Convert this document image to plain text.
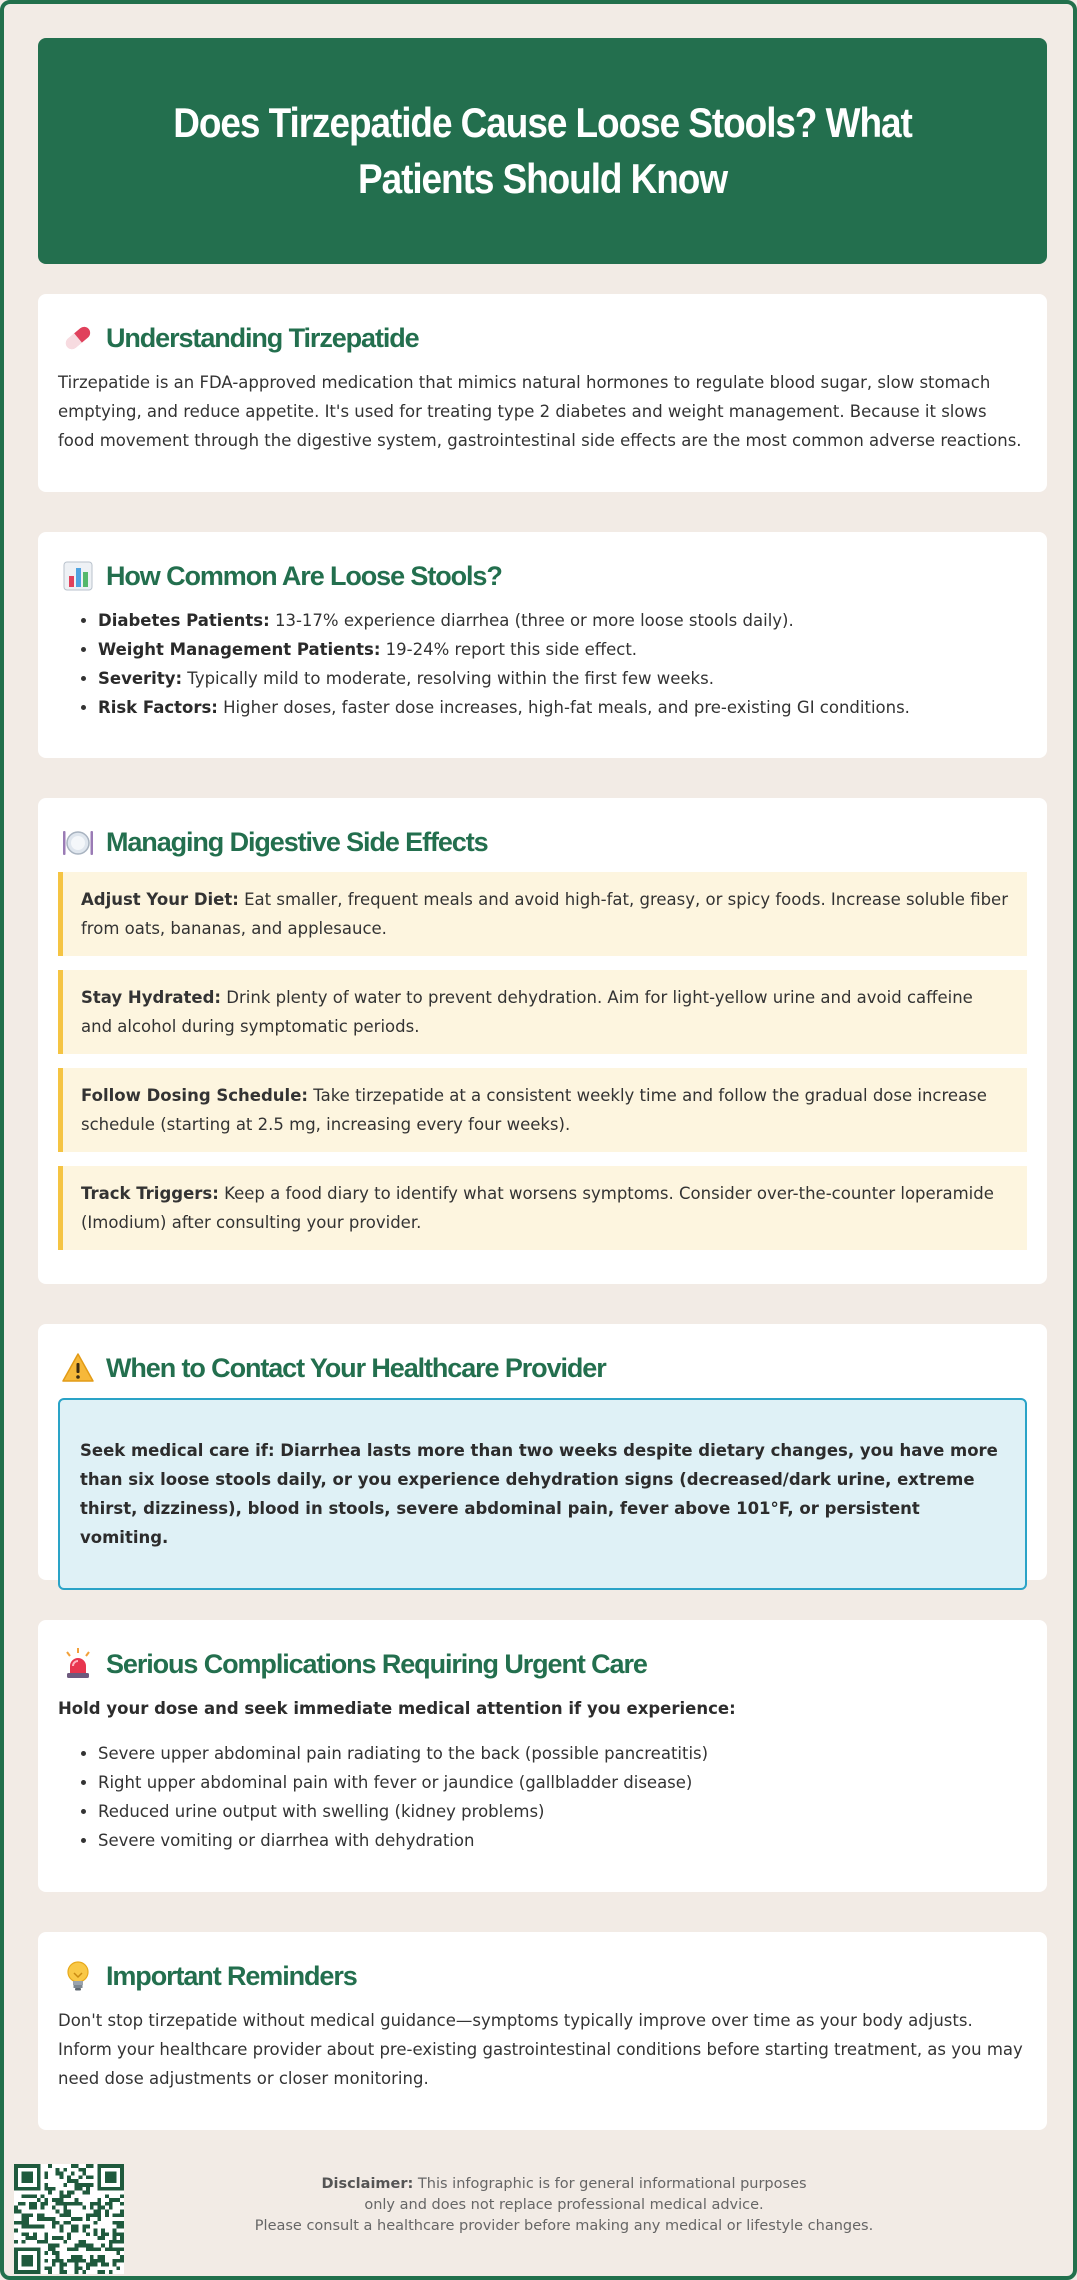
Does Tirzepatide Cause Loose Stools? What Patients Should Know
Understanding Tirzepatide

Tirzepatide is an FDA-approved medication that mimics natural hormones to regulate blood sugar, slow stomach emptying, and reduce appetite. It's used for treating type 2 diabetes and weight management. Because it slows food movement through the digestive system, gastrointestinal side effects are the most common adverse reactions.

How Common Are Loose Stools?
• Diabetes Patients: 13-17% experience diarrhea (three or more loose stools daily).
• Weight Management Patients: 19-24% report this side effect.
• Severity: Typically mild to moderate, resolving within the first few weeks.
• Risk Factors: Higher doses, faster dose increases, high-fat meals, and pre-existing GI conditions.
Managing Digestive Side Effects
Adjust Your Diet: Eat smaller, frequent meals and avoid high-fat, greasy, or spicy foods. Increase soluble fiber from oats, bananas, and applesauce.
Stay Hydrated: Drink plenty of water to prevent dehydration. Aim for light-yellow urine and avoid caffeine and alcohol during symptomatic periods.
Follow Dosing Schedule: Take tirzepatide at a consistent weekly time and follow the gradual dose increase schedule (starting at 2.5 mg, increasing every four weeks).
Track Triggers: Keep a food diary to identify what worsens symptoms. Consider over-the-counter loperamide (Imodium) after consulting your provider.
When to Contact Your Healthcare Provider
Seek medical care if: Diarrhea lasts more than two weeks despite dietary changes, you have more than six loose stools daily, or you experience dehydration signs (decreased/dark urine, extreme thirst, dizziness), blood in stools, severe abdominal pain, fever above 101°F, or persistent vomiting.
Serious Complications Requiring Urgent Care
Hold your dose and seek immediate medical attention if you experience:
• Severe upper abdominal pain radiating to the back (possible pancreatitis)
• Right upper abdominal pain with fever or jaundice (gallbladder disease)
• Reduced urine output with swelling (kidney problems)
• Severe vomiting or diarrhea with dehydration
Important Reminders

Don't stop tirzepatide without medical guidance—symptoms typically improve over time as your body adjusts. Inform your healthcare provider about pre-existing gastrointestinal conditions before starting treatment, as you may need dose adjustments or closer monitoring.

Disclaimer: This infographic is for general informational purposes
only and does not replace professional medical advice.
Please consult a healthcare provider before making any medical or lifestyle changes.
